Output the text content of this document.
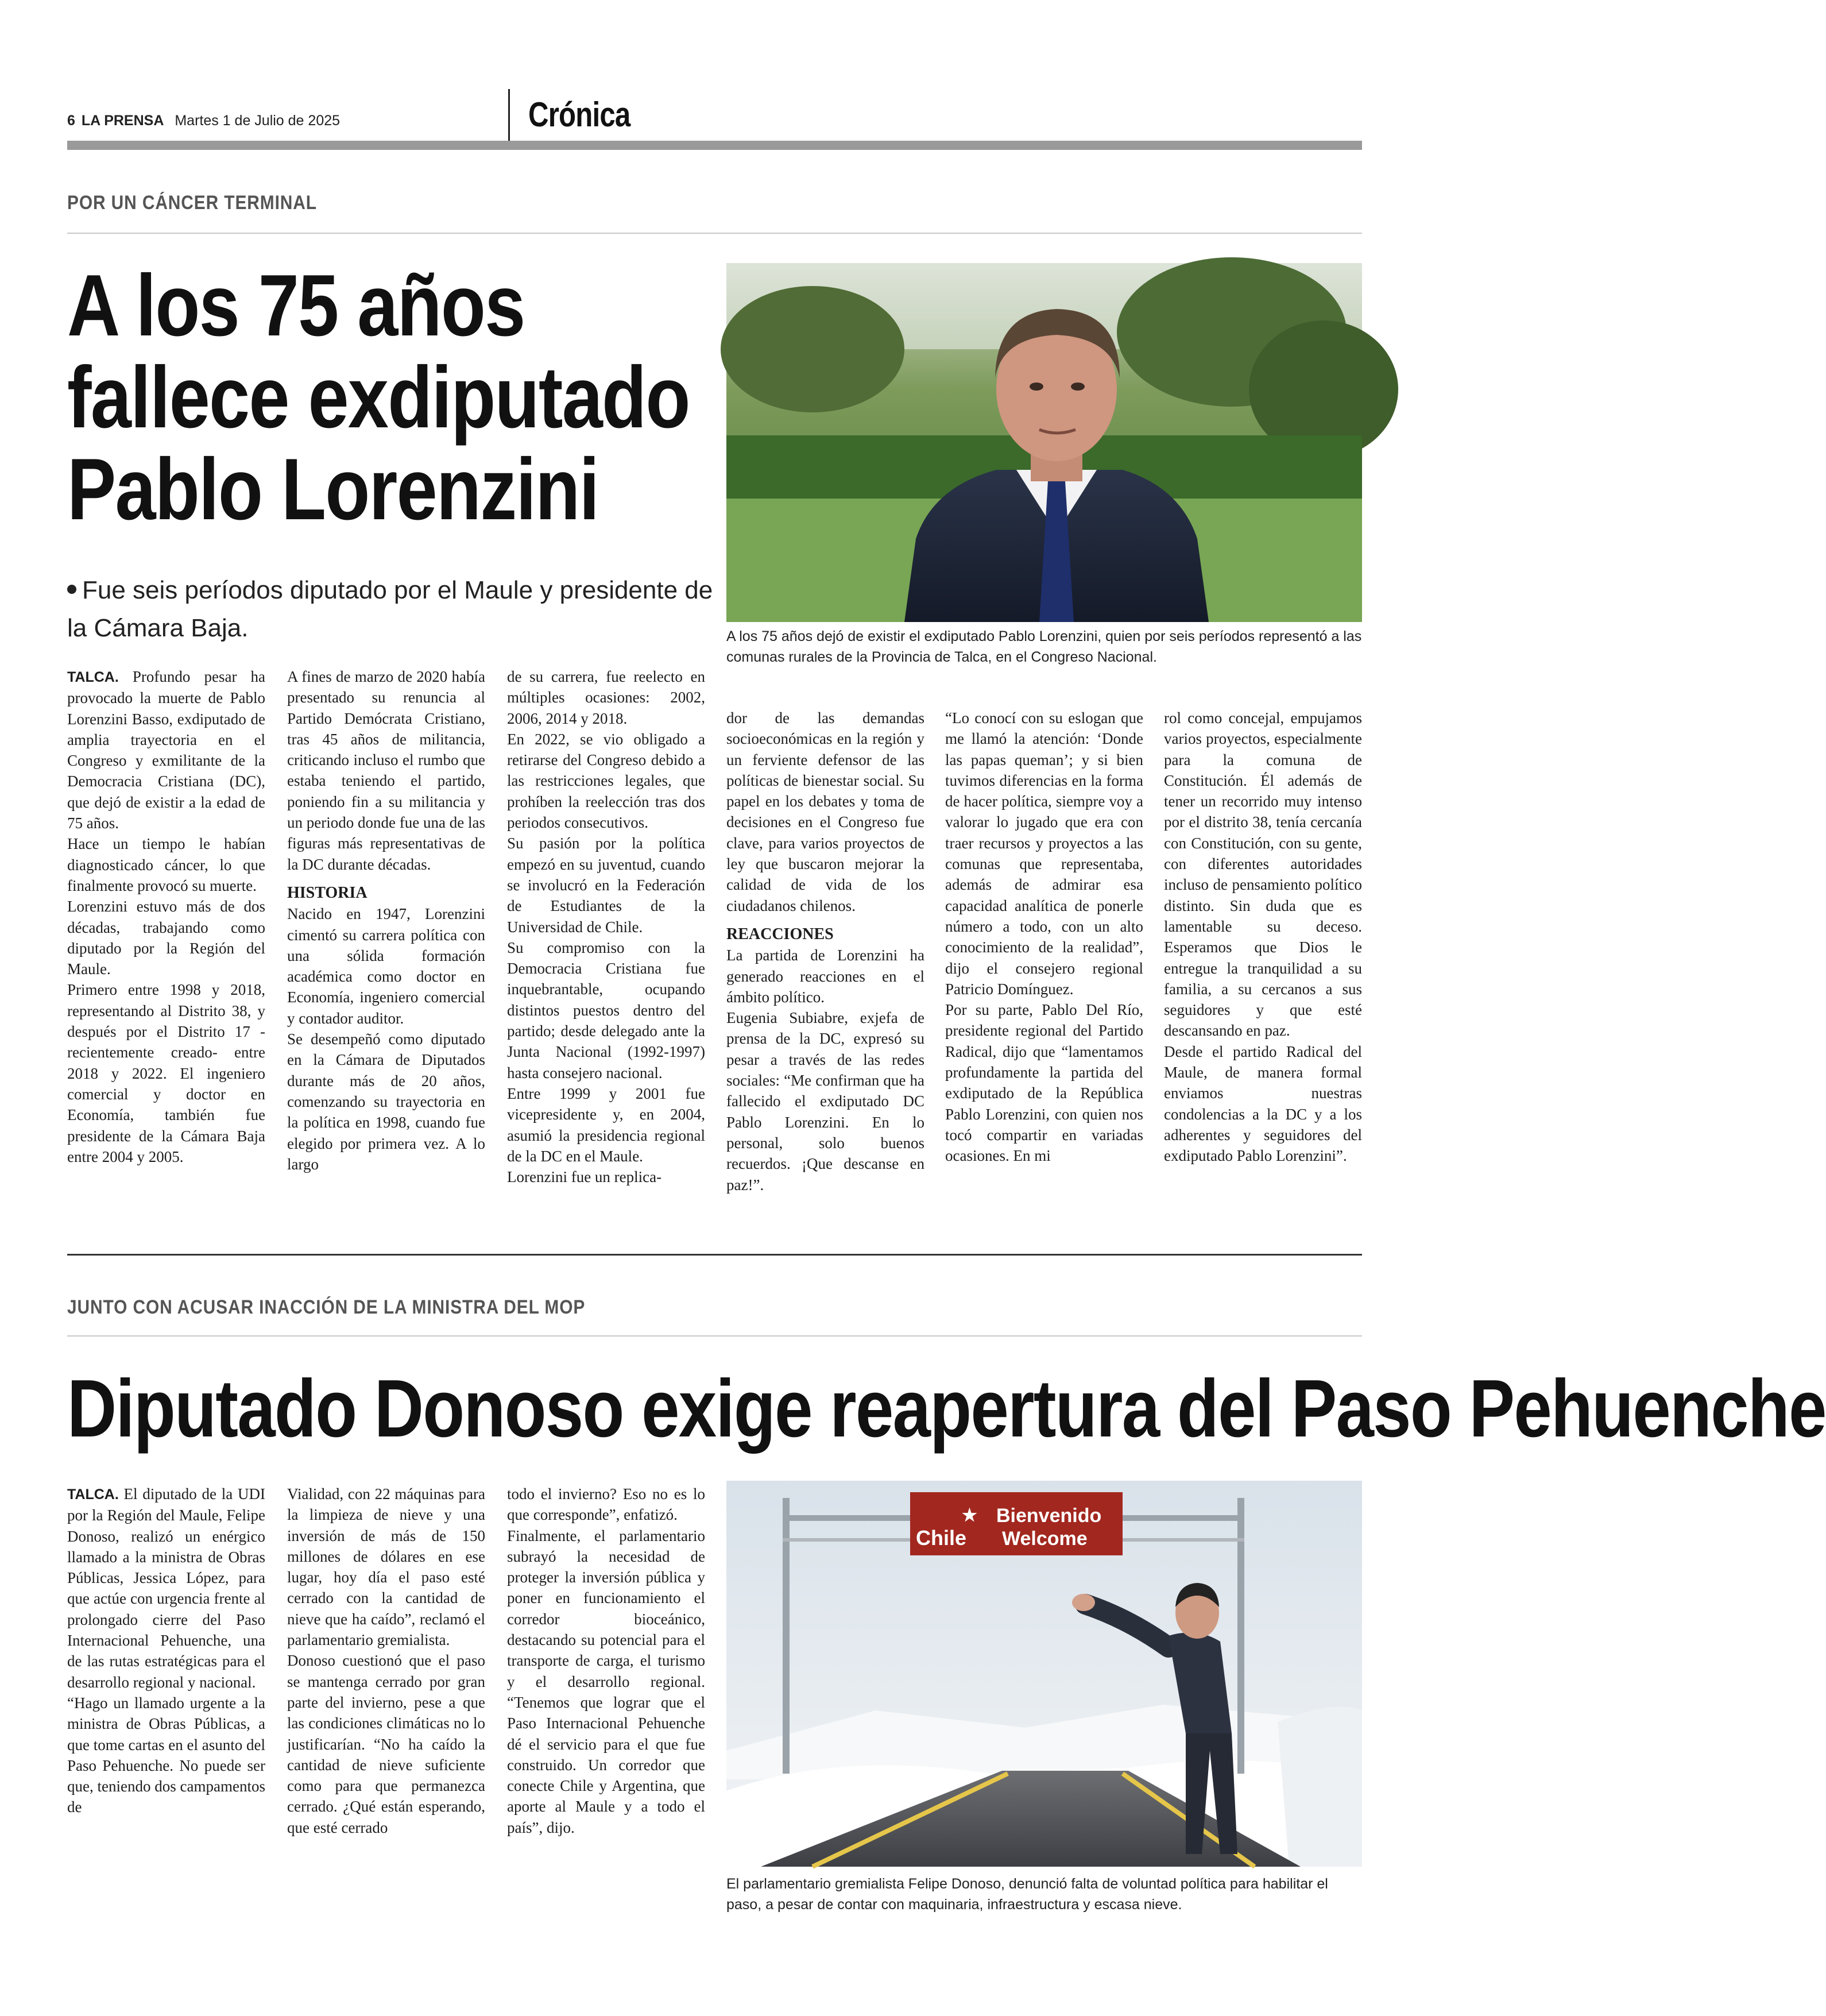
6 LA PRENSA Martes 1 de Julio de 2025	Crónica
POR UN CÁNCER TERMINAL
A los 75 años
fallece exdiputado
Pablo Lorenzini
Fue seis períodos diputado por el Maule y presidente de la Cámara Baja.	A los 75 años dejó de existir el exdiputado Pablo Lorenzini, quien por seis períodos representó a las comunas rurales de la Provincia de Talca, en el Congreso Nacional.

TALCA. Profundo pesar ha provocado la muerte de Pablo Lorenzini Basso, exdiputado de amplia trayectoria en el Congreso y exmilitante de la Democracia Cristiana (DC), que dejó de existir a la edad de 75 años.

Hace un tiempo le habían diagnosticado cáncer, lo que finalmente provocó su muerte.

Lorenzini estuvo más de dos décadas, trabajando como diputado por la Región del Maule.

Primero entre 1998 y 2018, representando al Distrito 38, y después por el Distrito 17 -recientemente creado- entre 2018 y 2022. El ingeniero comercial y doctor en Economía, también fue presidente de la Cámara Baja entre 2004 y 2005.

A fines de marzo de 2020 había presentado su renuncia al Partido Demócrata Cristiano, tras 45 años de militancia, criticando incluso el rumbo que estaba teniendo el partido, poniendo fin a su militancia y un periodo donde fue una de las figuras más representativas de la DC durante décadas.

HISTORIA

Nacido en 1947, Lorenzini cimentó su carrera política con una sólida formación académica como doctor en Economía, ingeniero comercial y contador auditor.

Se desempeñó como diputado en la Cámara de Diputados durante más de 20 años, comenzando su trayectoria en la política en 1998, cuando fue elegido por primera vez. A lo largo

de su carrera, fue reelecto en múltiples ocasiones: 2002, 2006, 2014 y 2018.

En 2022, se vio obligado a retirarse del Congreso debido a las restricciones legales, que prohíben la reelección tras dos periodos consecutivos.

Su pasión por la política empezó en su juventud, cuando se involucró en la Federación de Estudiantes de la Universidad de Chile.

Su compromiso con la Democracia Cristiana fue inquebrantable, ocupando distintos puestos dentro del partido; desde delegado ante la Junta Nacional (1992-1997) hasta consejero nacional.

Entre 1999 y 2001 fue vicepresidente y, en 2004, asumió la presidencia regional de la DC en el Maule.

Lorenzini fue un replica-

dor de las demandas socioeconómicas en la región y un ferviente defensor de las políticas de bienestar social. Su papel en los debates y toma de decisiones en el Congreso fue clave, para varios proyectos de ley que buscaron mejorar la calidad de vida de los ciudadanos chilenos.

REACCIONES

La partida de Lorenzini ha generado reacciones en el ámbito político.

Eugenia Subiabre, exjefa de prensa de la DC, expresó su pesar a través de las redes sociales: “Me confirman que ha fallecido el exdiputado DC Pablo Lorenzini. En lo personal, solo buenos recuerdos. ¡Que descanse en paz!”.

“Lo conocí con su eslogan que me llamó la atención: ‘Donde las papas queman’; y si bien tuvimos diferencias en la forma de hacer política, siempre voy a valorar lo jugado que era con traer recursos y proyectos a las comunas que representaba, además de admirar esa capacidad analítica de ponerle número a todo, con un alto conocimiento de la realidad”, dijo el consejero regional Patricio Domínguez.

Por su parte, Pablo Del Río, presidente regional del Partido Radical, dijo que “lamentamos profundamente la partida del exdiputado de la República Pablo Lorenzini, con quien nos tocó compartir en variadas ocasiones. En mi

rol como concejal, empujamos varios proyectos, especialmente para la comuna de Constitución. Él además de tener un recorrido muy intenso por el distrito 38, tenía cercanía con Constitución, con su gente, con diferentes autoridades incluso de pensamiento político distinto. Sin duda que es lamentable su deceso. Esperamos que Dios le entregue la tranquilidad a su familia, a su cercanos a sus seguidores y que esté descansando en paz.

Desde el partido Radical del Maule, de manera formal enviamos nuestras condolencias a la DC y a los adherentes y seguidores del exdiputado Pablo Lorenzini”.

JUNTO CON ACUSAR INACCIÓN DE LA MINISTRA DEL MOP
Diputado Donoso exige reapertura del Paso Pehuenche

TALCA. El diputado de la UDI por la Región del Maule, Felipe Donoso, realizó un enérgico llamado a la ministra de Obras Públicas, Jessica López, para que actúe con urgencia frente al prolongado cierre del Paso Internacional Pehuenche, una de las rutas estratégicas para el desarrollo regional y nacional.

“Hago un llamado urgente a la ministra de Obras Públicas, a que tome cartas en el asunto del Paso Pehuenche. No puede ser que, teniendo dos campamentos de

Vialidad, con 22 máquinas para la limpieza de nieve y una inversión de más de 150 millones de dólares en ese lugar, hoy día el paso esté cerrado con la cantidad de nieve que ha caído”, reclamó el parlamentario gremialista.

Donoso cuestionó que el paso se mantenga cerrado por gran parte del invierno, pese a que las condiciones climáticas no lo justificarían. “No ha caído la cantidad de nieve suficiente como para que permanezca cerrado. ¿Qué están esperando, que esté cerrado

todo el invierno? Eso no es lo que corresponde”, enfatizó.

Finalmente, el parlamentario subrayó la necesidad de proteger la inversión pública y poner en funcionamiento el corredor bioceánico, destacando su potencial para el transporte de carga, el turismo y el desarrollo regional. “Tenemos que lograr que el Paso Internacional Pehuenche dé el servicio para el que fue construido. Un corredor que conecte Chile y Argentina, que aporte al Maule y a todo el país”, dijo.

★
Chile
Bienvenido
Welcome
El parlamentario gremialista Felipe Donoso, denunció falta de voluntad política para habilitar el paso, a pesar de contar con maquinaria, infraestructura y escasa nieve.
